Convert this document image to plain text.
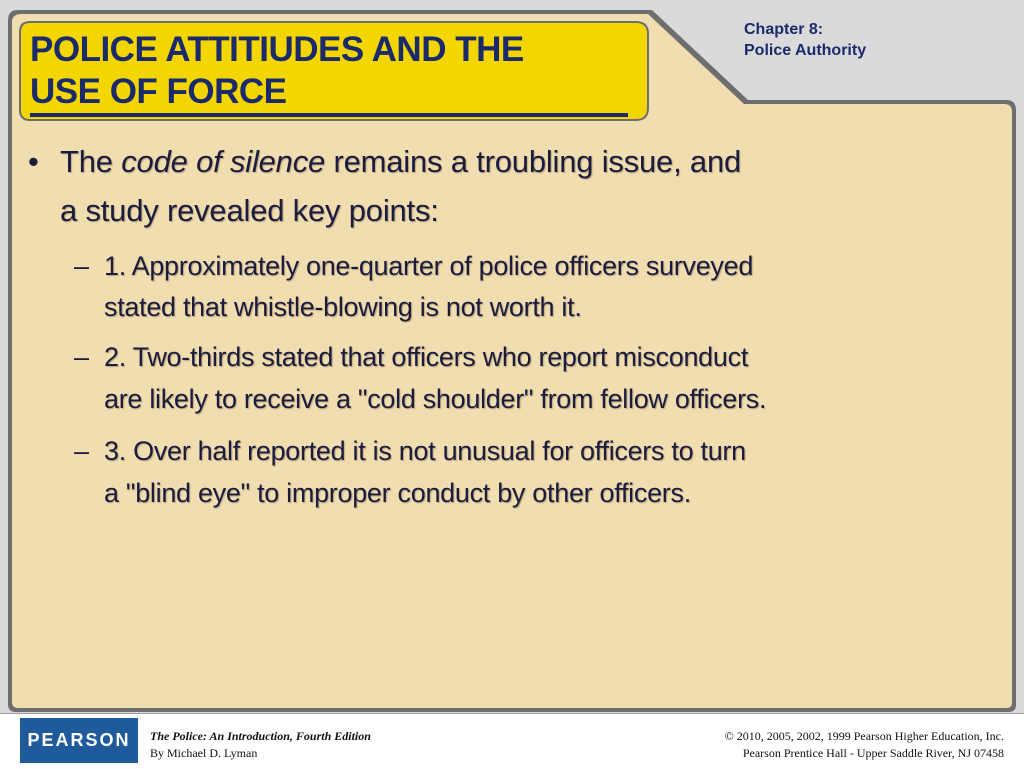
POLICE ATTITIUDES AND THE
USE OF FORCE
Chapter 8:
Police Authority
• The code of silence remains a troubling issue, and
a study revealed key points:
– 1. Approximately one-quarter of police officers surveyed
stated that whistle-blowing is not worth it.
– 2. Two-thirds stated that officers who report misconduct
are likely to receive a "cold shoulder" from fellow officers.
– 3. Over half reported it is not unusual for officers to turn
a "blind eye" to improper conduct by other officers.
PEARSON	The Police: An Introduction, Fourth Edition
By Michael D. Lyman
© 2010, 2005, 2002, 1999 Pearson Higher Education, Inc.
Pearson Prentice Hall - Upper Saddle River, NJ 07458
